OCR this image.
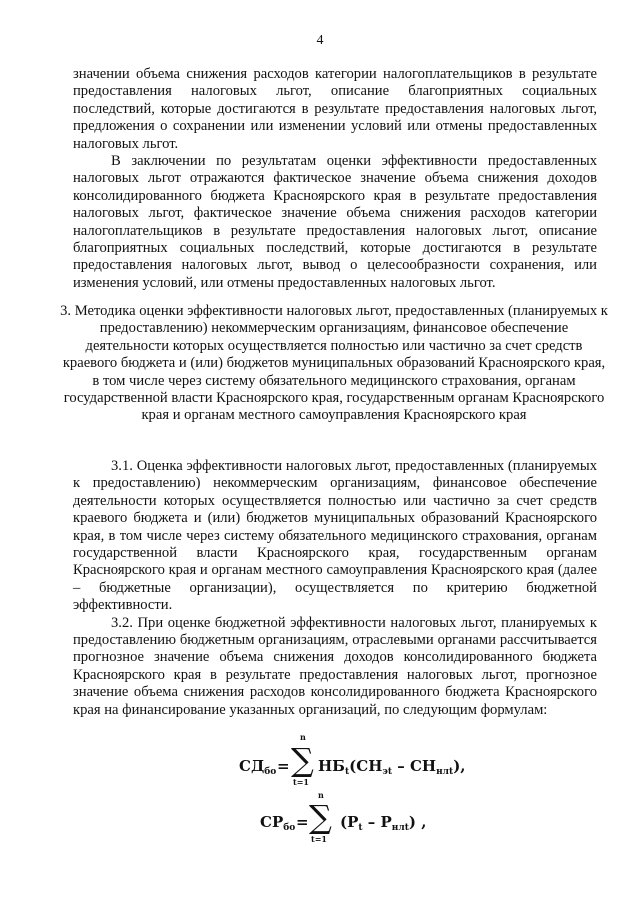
4

значении объема снижения расходов категории налогоплательщиков в результате предоставления налоговых льгот, описание благоприятных социальных последствий, которые достигаются в результате предоставления налоговых льгот, предложения о сохранении или изменении условий или отмены предоставленных налоговых льгот.

В заключении по результатам оценки эффективности предоставленных налоговых льгот отражаются фактическое значение объема снижения доходов консолидированного бюджета Красноярского края в результате предоставления налоговых льгот, фактическое значение объема снижения расходов категории налогоплательщиков в результате предоставления налоговых льгот, описание благоприятных социальных последствий, которые достигаются в результате предоставления налоговых льгот, вывод о целесообразности сохранения, или изменения условий, или отмены предоставленных налоговых льгот.

3. Методика оценки эффективности налоговых льгот, предоставленных (планируемых к предоставлению) некоммерческим организациям, финансовое обеспечение деятельности которых осуществляется полностью или частично за счет средств краевого бюджета и (или) бюджетов муниципальных образований Красноярского края, в том числе через систему обязательного медицинского страхования, органам государственной власти Красноярского края, государственным органам Красноярского края и органам местного самоуправления Красноярского края

3.1. Оценка эффективности налоговых льгот, предоставленных (планируемых к предоставлению) некоммерческим организациям, финансовое обеспечение деятельности которых осуществляется полностью или частично за счет средств краевого бюджета и (или) бюджетов муниципальных образований Красноярского края, в том числе через систему обязательного медицинского страхования, органам государственной власти Красноярского края, государственным органам Красноярского края и органам местного самоуправления Красноярского края (далее – бюджетные организации), осуществляется по критерию бюджетной эффективности.

3.2. При оценке бюджетной эффективности налоговых льгот, планируемых к предоставлению бюджетным организациям, отраслевыми органами рассчитывается прогнозное значение объема снижения доходов консолидированного бюджета Красноярского края в результате предоставления налоговых льгот, прогнозное значение объема снижения расходов консолидированного бюджета Красноярского края на финансирование указанных организаций, по следующим формулам:

$СД_{бо}$ =
n
∑
t=1
$НБ_t(СН_{эt} - СН_{нлt})$,
$СР_{бо}$ =
n
∑
t=1
$(Р_t - Р_{нлt})$ ,
